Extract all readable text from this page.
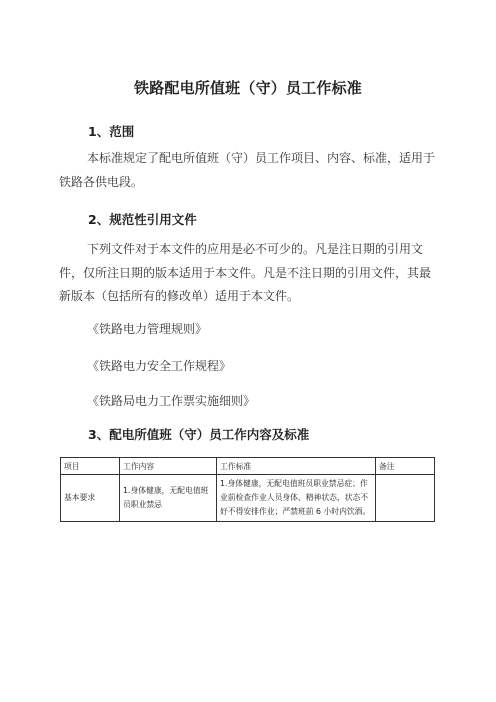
铁路配电所值班（守）员工作标准
1、范围

本标准规定了配电所值班（守）员工作项目、内容、标准，适用于铁路各供电段。

2、规范性引用文件

下列文件对于本文件的应用是必不可少的。凡是注日期的引用文件，仅所注日期的版本适用于本文件。凡是不注日期的引用文件，其最新版本（包括所有的修改单）适用于本文件。

《铁路电力管理规则》
《铁路电力安全工作规程》
《铁路局电力工作票实施细则》
3、配电所值班（守）员工作内容及标准
项目	工作内容	工作标准	备注
基本要求	1.身体健康，无配电值班员职业禁忌	1.身体健康，无配电值班员职业禁忌症；作业前检查作业人员身体、精神状态，状态不好不得安排作业；严禁班前 6 小时内饮酒。	
